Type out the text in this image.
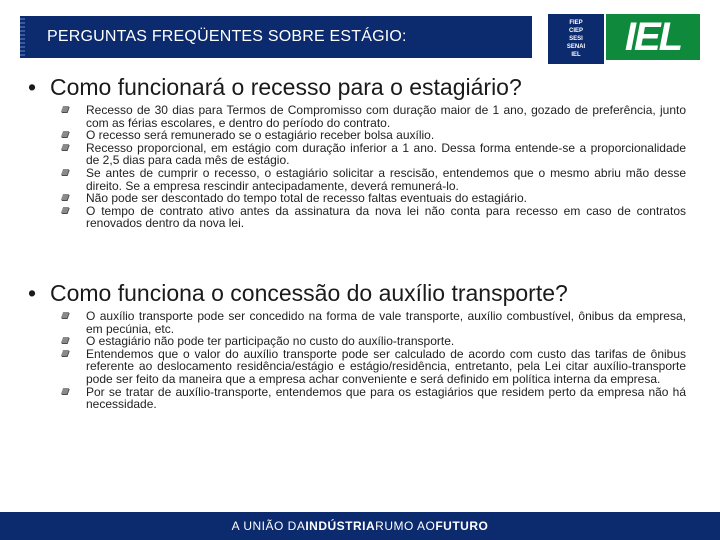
PERGUNTAS FREQÜENTES SOBRE ESTÁGIO:
FIEP
CIEP
SESI
SENAI
IEL	IEL
• Como funcionará o recesso para o estagiário?
Recesso de 30 dias para Termos de Compromisso com duração maior de 1 ano, gozado de preferência, junto com as férias escolares, e dentro do período do contrato.
O recesso será remunerado se o estagiário receber bolsa auxílio.
Recesso proporcional, em estágio com duração inferior a 1 ano. Dessa forma entende-se a proporcionalidade de 2,5 dias para cada mês de estágio.
Se antes de cumprir o recesso, o estagiário solicitar a rescisão, entendemos que o mesmo abriu mão desse direito. Se a empresa rescindir antecipadamente, deverá remunerá-lo.
Não pode ser descontado do tempo total de recesso faltas eventuais do estagiário.
O tempo de contrato ativo antes da assinatura da nova lei não conta para recesso em caso de contratos renovados dentro da nova lei.
• Como funciona o concessão do auxílio transporte?
O auxílio transporte pode ser concedido na forma de vale transporte, auxílio combustível, ônibus da empresa, em pecúnia, etc.
O estagiário não pode ter participação no custo do auxílio-transporte.
Entendemos que o valor do auxílio transporte pode ser calculado de acordo com custo das tarifas de ônibus referente ao deslocamento residência/estágio e estágio/residência, entretanto, pela Lei citar auxílio-transporte pode ser feito da maneira que a empresa achar conveniente e será definido em política interna da empresa.
Por se tratar de auxílio-transporte, entendemos que para os estagiários que residem perto da empresa não há necessidade.
A UNIÃO DA INDÚSTRIA RUMO AO FUTURO
